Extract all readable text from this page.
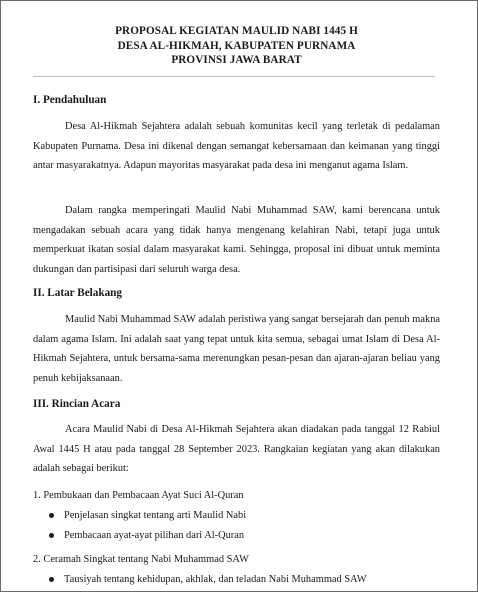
PROPOSAL KEGIATAN MAULID NABI 1445 H
DESA AL-HIKMAH, KABUPATEN PURNAMA
PROVINSI JAWA BARAT
I. Pendahuluan

Desa Al-Hikmah Sejahtera adalah sebuah komunitas kecil yang terletak di pedalaman Kabupaten Purnama. Desa ini dikenal dengan semangat kebersamaan dan keimanan yang tinggi antar masyarakatnya. Adapun mayoritas masyarakat pada desa ini menganut agama Islam.

Dalam rangka memperingati Maulid Nabi Muhammad SAW, kami berencana untuk mengadakan sebuah acara yang tidak hanya mengenang kelahiran Nabi, tetapi juga untuk memperkuat ikatan sosial dalam masyarakat kami. Sehingga, proposal ini dibuat untuk meminta dukungan dan partisipasi dari seluruh warga desa.

II. Latar Belakang

Maulid Nabi Muhammad SAW adalah peristiwa yang sangat bersejarah dan penuh makna dalam agama Islam. Ini adalah saat yang tepat untuk kita semua, sebagai umat Islam di Desa Al-Hikmah Sejahtera, untuk bersama-sama merenungkan pesan-pesan dan ajaran-ajaran beliau yang penuh kebijaksanaan.

III. Rincian Acara

Acara Maulid Nabi di Desa Al-Hikmah Sejahtera akan diadakan pada tanggal 12 Rabiul Awal 1445 H atau pada tanggal 28 September 2023. Rangkaian kegiatan yang akan dilakukan adalah sebagai berikut:

1. Pembukaan dan Pembacaan Ayat Suci Al-Quran
Penjelasan singkat tentang arti Maulid Nabi
Pembacaan ayat-ayat pilihan dari Al-Quran
2. Ceramah Singkat tentang Nabi Muhammad SAW
Tausiyah tentang kehidupan, akhlak, dan teladan Nabi Muhammad SAW
